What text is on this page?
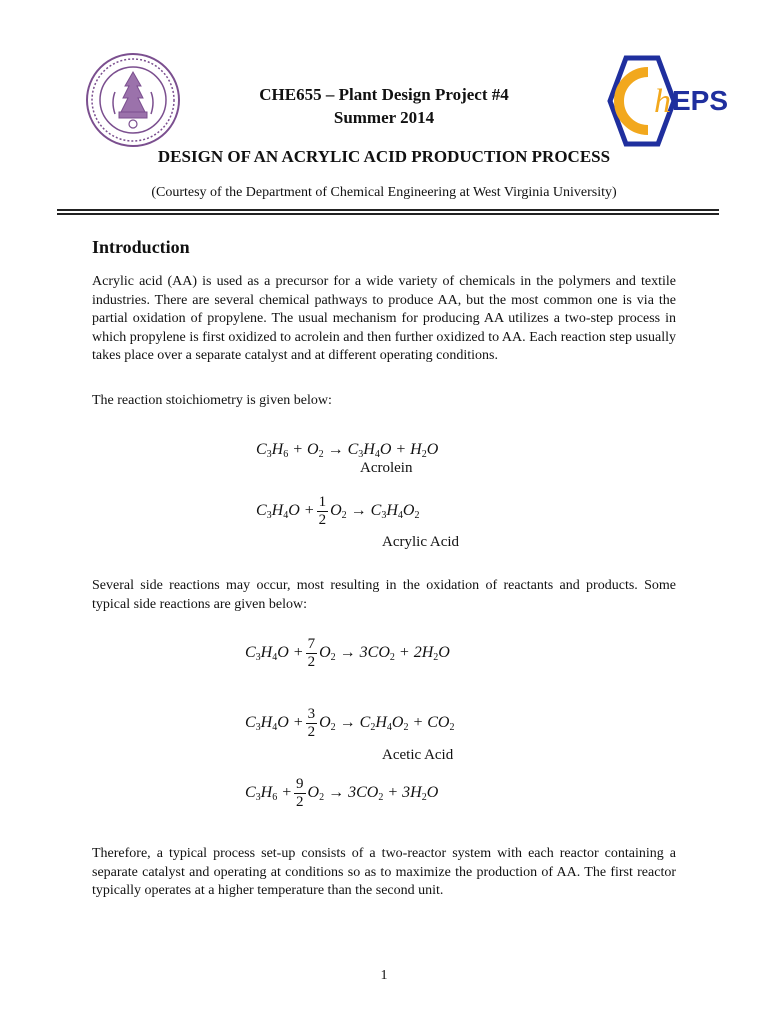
h EPS
CHE655 – Plant Design Project #4
Summer 2014
DESIGN OF AN ACRYLIC ACID PRODUCTION PROCESS
(Courtesy of the Department of Chemical Engineering at West Virginia University)
Introduction
Acrylic acid (AA) is used as a precursor for a wide variety of chemicals in the polymers and textile industries. There are several chemical pathways to produce AA, but the most common one is via the partial oxidation of propylene. The usual mechanism for producing AA utilizes a two-step process in which propylene is first oxidized to acrolein and then further oxidized to AA. Each reaction step usually takes place over a separate catalyst and at different operating conditions.
The reaction stoichiometry is given below:
$C_3H_6 + O_2 \to C_3H_4O + H_2O$
Acrolein
$C_3H_4O + \frac{1}{2} O_2 \to C_3H_4O_2$
Acrylic Acid
Several side reactions may occur, most resulting in the oxidation of reactants and products. Some typical side reactions are given below:
$C_3H_4O + \frac{7}{2} O_2 \to 3CO_2 + 2H_2O$
$C_3H_4O + \frac{3}{2} O_2 \to C_2H_4O_2 + CO_2$
Acetic Acid
$C_3H_6 + \frac{9}{2} O_2 \to 3CO_2 + 3H_2O$
Therefore, a typical process set-up consists of a two-reactor system with each reactor containing a separate catalyst and operating at conditions so as to maximize the production of AA. The first reactor typically operates at a higher temperature than the second unit.
1
